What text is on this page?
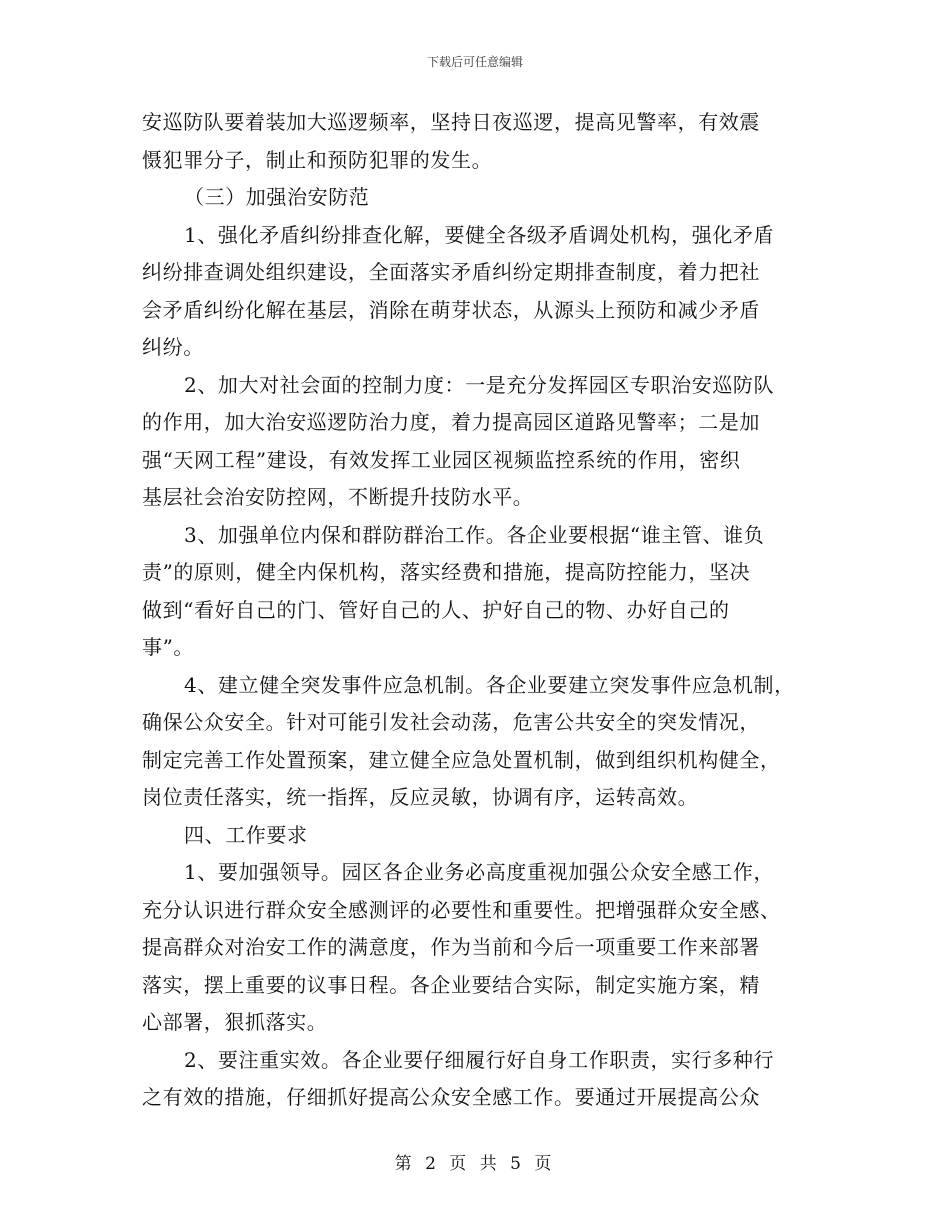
下载后可任意编辑
安巡防队要着装加大巡逻频率，坚持日夜巡逻，提高见警率，有效震
慑犯罪分子，制止和预防犯罪的发生。
（三）加强治安防范
1、强化矛盾纠纷排查化解，要健全各级矛盾调处机构，强化矛盾
纠纷排查调处组织建设，全面落实矛盾纠纷定期排查制度，着力把社
会矛盾纠纷化解在基层，消除在萌芽状态，从源头上预防和减少矛盾
纠纷。
2、加大对社会面的控制力度：一是充分发挥园区专职治安巡防队
的作用，加大治安巡逻防治力度，着力提高园区道路见警率；二是加
强“天网工程”建设，有效发挥工业园区视频监控系统的作用，密织
基层社会治安防控网，不断提升技防水平。
3、加强单位内保和群防群治工作。各企业要根据“谁主管、谁负
责”的原则，健全内保机构，落实经费和措施，提高防控能力，坚决
做到“看好自己的门、管好自己的人、护好自己的物、办好自己的
事”。
4、建立健全突发事件应急机制。各企业要建立突发事件应急机制，
确保公众安全。针对可能引发社会动荡，危害公共安全的突发情况，
制定完善工作处置预案，建立健全应急处置机制，做到组织机构健全，
岗位责任落实，统一指挥，反应灵敏，协调有序，运转高效。
四、工作要求
1、要加强领导。园区各企业务必高度重视加强公众安全感工作，
充分认识进行群众安全感测评的必要性和重要性。把增强群众安全感、
提高群众对治安工作的满意度，作为当前和今后一项重要工作来部署
落实，摆上重要的议事日程。各企业要结合实际，制定实施方案，精
心部署，狠抓落实。
2、要注重实效。各企业要仔细履行好自身工作职责，实行多种行
之有效的措施，仔细抓好提高公众安全感工作。要通过开展提高公众
第 2 页 共 5 页
